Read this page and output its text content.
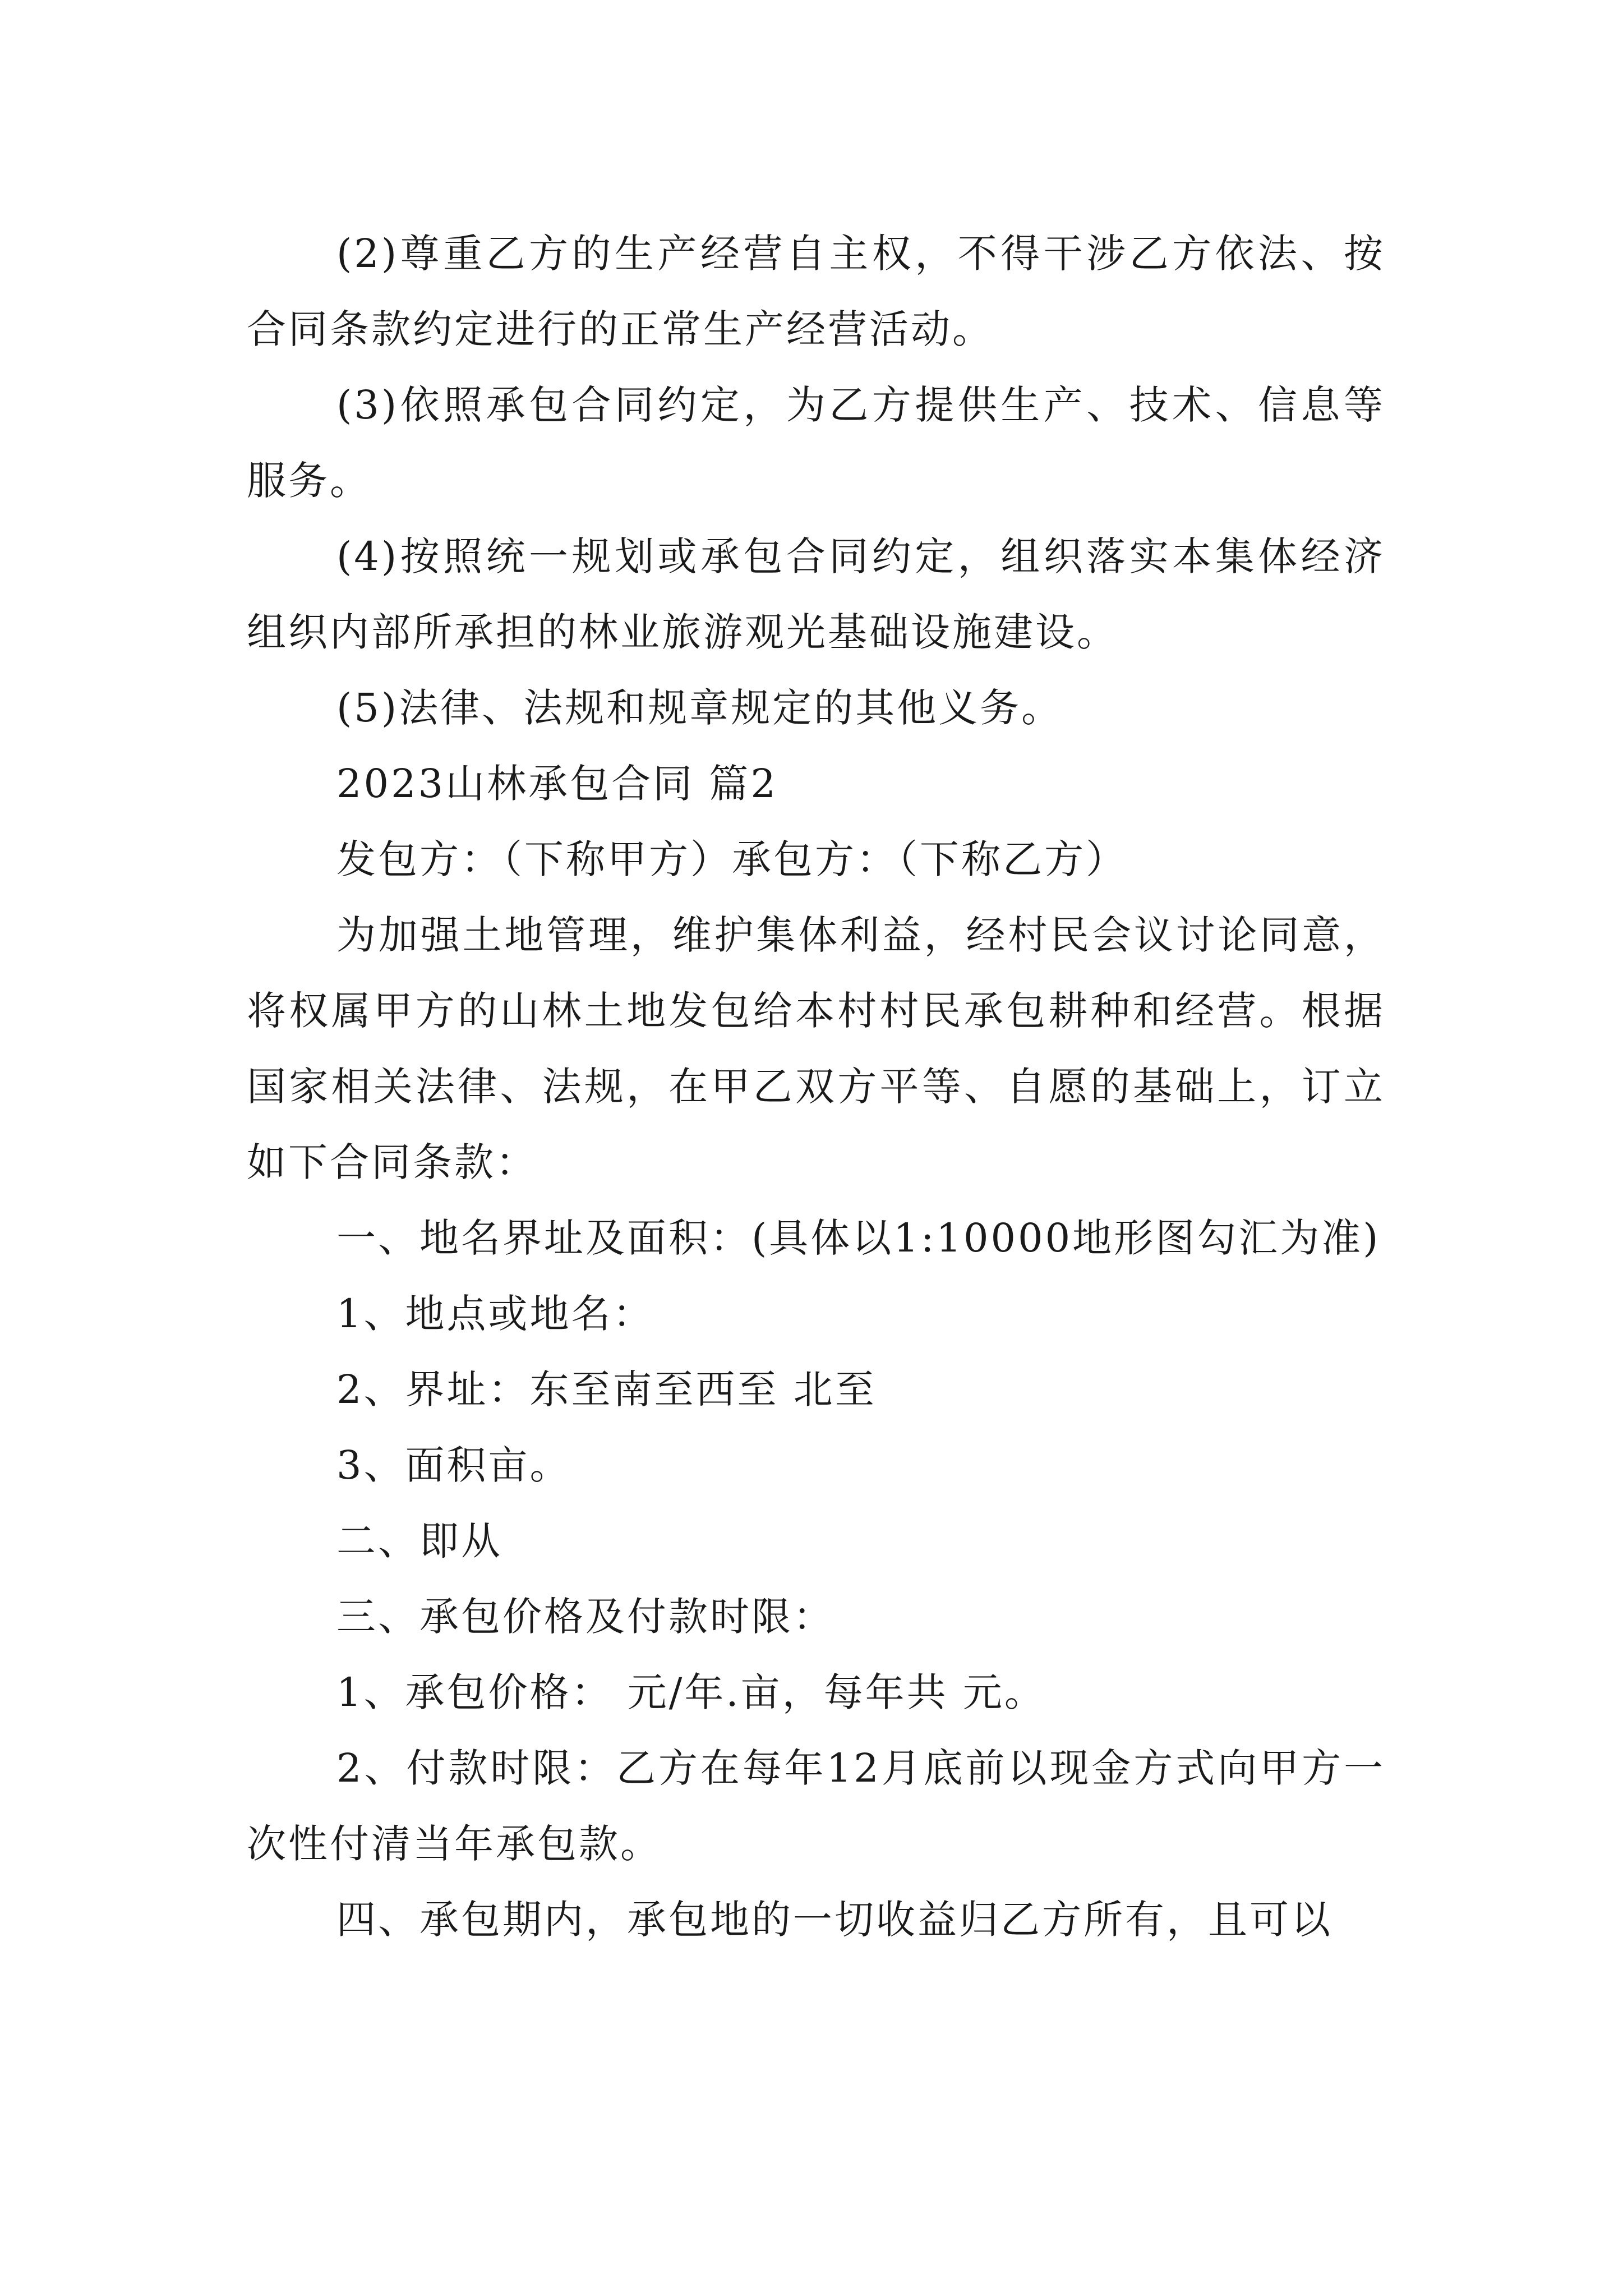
(2)尊重乙方的生产经营自主权，不得干涉乙方依法、按合同条款约定进行的正常生产经营活动。

(3)依照承包合同约定，为乙方提供生产、技术、信息等服务。

(4)按照统一规划或承包合同约定，组织落实本集体经济组织内部所承担的林业旅游观光基础设施建设。

(5)法律、法规和规章规定的其他义务。

2023山林承包合同 篇2

发包方：（下称甲方）承包方：（下称乙方）

为加强土地管理，维护集体利益，经村民会议讨论同意，将权属甲方的山林土地发包给本村村民承包耕种和经营。根据国家相关法律、法规，在甲乙双方平等、自愿的基础上，订立如下合同条款：

一、地名界址及面积：(具体以1:10000地形图勾汇为准)

1、地点或地名：

2、界址：东至南至西至 北至

3、面积亩。

二、即从

三、承包价格及付款时限：

1、承包价格： 元/年.亩，每年共 元。

2、付款时限：乙方在每年12月底前以现金方式向甲方一次性付清当年承包款。

四、承包期内，承包地的一切收益归乙方所有，且可以
